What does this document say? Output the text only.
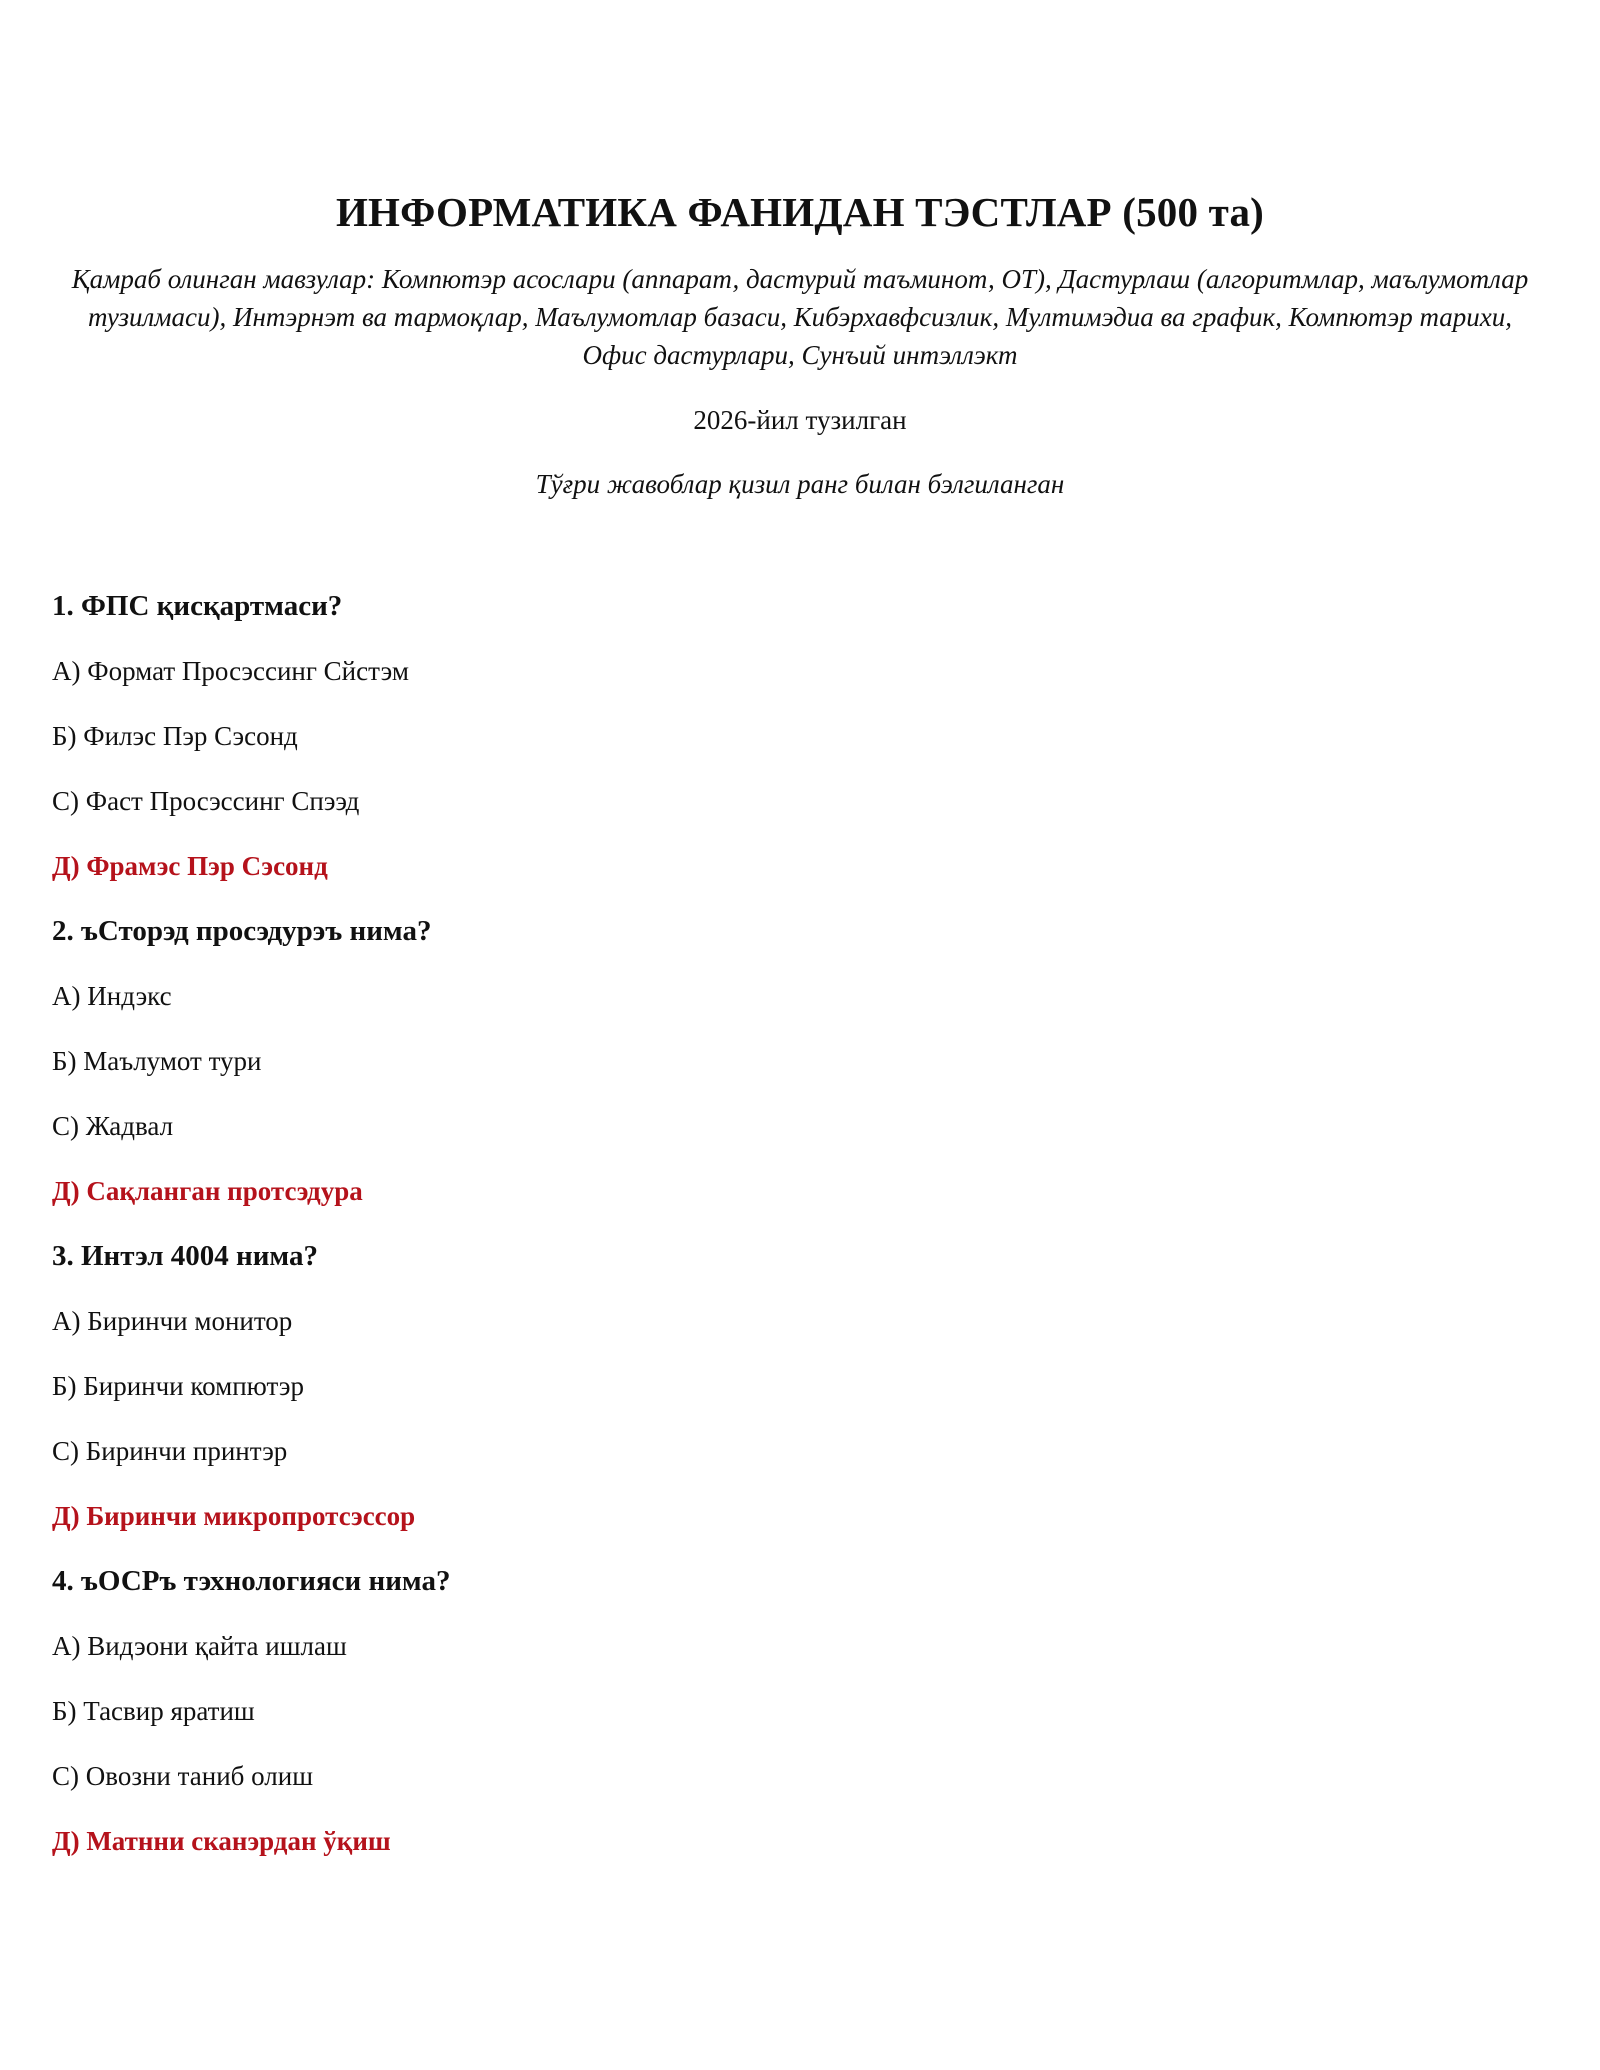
ИНФОРМАТИКА ФАНИДАН ТЭСТЛАР (500 та)

Қамраб олинган мавзулар: Компютэр асослари (аппарат, дастурий таъминот, ОТ), Дастурлаш (алгоритмлар, маълумотлар тузилмаси), Интэрнэт ва тармоқлар, Маълумотлар базаси, Кибэрхавфсизлик, Мултимэдиа ва график, Компютэр тарихи, Офис дастурлари, Сунъий интэллэкт

2026-йил тузилган

Тўғри жавоблар қизил ранг билан бэлгиланган

1. ФПС қисқартмаси?

А) Формат Просэссинг Сйстэм

Б) Филэс Пэр Сэсонд

С) Фаст Просэссинг Спээд

Д) Фрамэс Пэр Сэсонд

2. ъСторэд просэдурэъ нима?

А) Индэкс

Б) Маълумот тури

С) Жадвал

Д) Сақланган протсэдура

3. Интэл 4004 нима?

А) Биринчи монитор

Б) Биринчи компютэр

С) Биринчи принтэр

Д) Биринчи микропротсэссор

4. ъОСРъ тэхнологияси нима?

А) Видэони қайта ишлаш

Б) Тасвир яратиш

С) Овозни таниб олиш

Д) Матнни сканэрдан ўқиш
